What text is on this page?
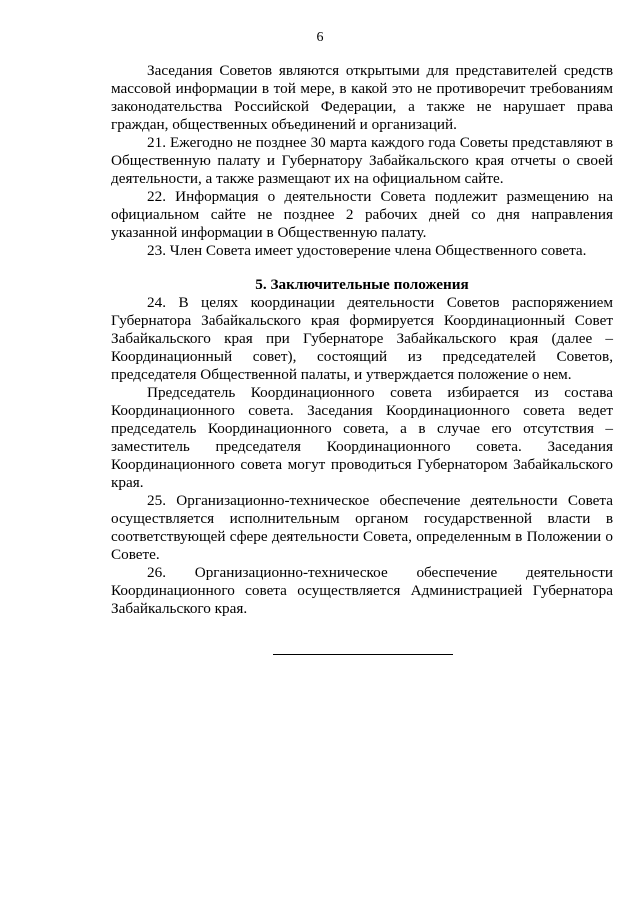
6

Заседания Советов являются открытыми для представителей средств массовой информации в той мере, в какой это не противоречит требованиям законодательства Российской Федерации, а также не нарушает права граждан, общественных объединений и организаций.

21. Ежегодно не позднее 30 марта каждого года Советы представляют в Общественную палату и Губернатору Забайкальского края отчеты о своей деятельности, а также размещают их на официальном сайте.

22. Информация о деятельности Совета подлежит размещению на официальном сайте не позднее 2 рабочих дней со дня направления указанной информации в Общественную палату.

23. Член Совета имеет удостоверение члена Общественного совета.

5. Заключительные положения

24. В целях координации деятельности Советов распоряжением Губернатора Забайкальского края формируется Координационный Совет Забайкальского края при Губернаторе Забайкальского края (далее – Координационный совет), состоящий из председателей Советов, председателя Общественной палаты, и утверждается положение о нем.

Председатель Координационного совета избирается из состава Координационного совета. Заседания Координационного совета ведет председатель Координационного совета, а в случае его отсутствия – заместитель председателя Координационного совета. Заседания Координационного совета могут проводиться Губернатором Забайкальского края.

25. Организационно-техническое обеспечение деятельности Совета осуществляется исполнительным органом государственной власти в соответствующей сфере деятельности Совета, определенным в Положении о Совете.

26. Организационно-техническое обеспечение деятельности Координационного совета осуществляется Администрацией Губернатора Забайкальского края.
